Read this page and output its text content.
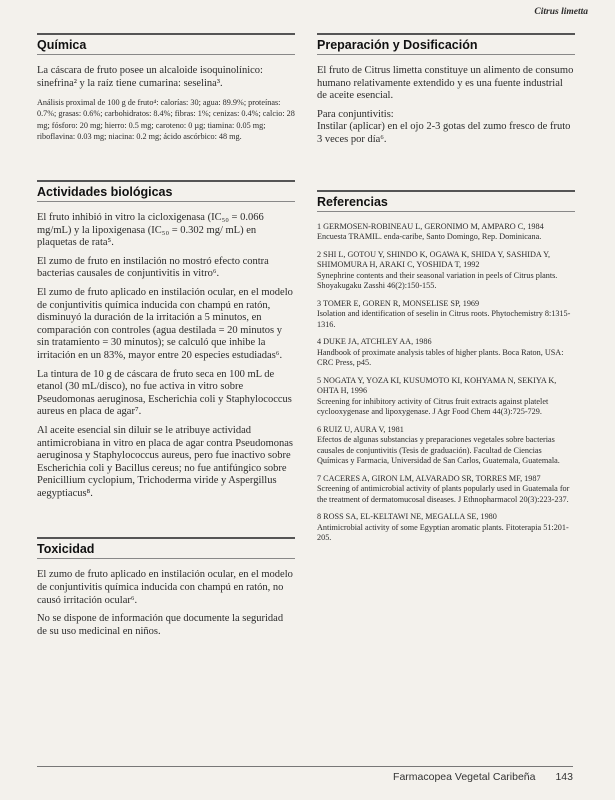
Citrus limetta
Química

La cáscara de fruto posee un alcaloide isoquinolínico: sinefrina² y la raíz tiene cumarina: seselina³.

Análisis proximal de 100 g de fruto⁴: calorías: 30; agua: 89.9%; proteínas: 0.7%; grasas: 0.6%; carbohidratos: 8.4%; fibras: 1%; cenizas: 0.4%; calcio: 28 mg; fósforo: 20 mg; hierro: 0.5 mg; caroteno: 0 µg; tiamina: 0.05 mg; riboflavina: 0.03 mg; niacina: 0.2 mg; ácido ascórbico: 48 mg.

Actividades biológicas

El fruto inhibió in vitro la cicloxigenasa (IC₅₀ = 0.066 mg/mL) y la lipoxigenasa (IC₅₀ = 0.302 mg/ mL) en plaquetas de rata⁵.

El zumo de fruto en instilación no mostró efecto contra bacterias causales de conjuntivitis in vitro⁶.

El zumo de fruto aplicado en instilación ocular, en el modelo de conjuntivitis química inducida con champú en ratón, disminuyó la duración de la irritación a 5 minutos, en comparación con controles (agua destilada = 20 minutos y sin tratamiento = 30 minutos); se calculó que inhibe la irritación en un 83%, mayor entre 20 especies estudiadas⁶.

La tintura de 10 g de cáscara de fruto seca en 100 mL de etanol (30 mL/disco), no fue activa in vitro sobre Pseudomonas aeruginosa, Escherichia coli y Staphylococcus aureus en placa de agar⁷.

Al aceite esencial sin diluir se le atribuye actividad antimicrobiana in vitro en placa de agar contra Pseudomonas aeruginosa y Staphylococcus aureus, pero fue inactivo sobre Escherichia coli y Bacillus cereus; no fue antifúngico sobre Penicillium cyclopium, Trichoderma viride y Aspergillus aegyptiacus⁸.

Toxicidad

El zumo de fruto aplicado en instilación ocular, en el modelo de conjuntivitis química inducida con champú en ratón, no causó irritación ocular⁶.

No se dispone de información que documente la seguridad de su uso medicinal en niños.

Preparación y Dosificación

El fruto de Citrus limetta constituye un alimento de consumo humano relativamente extendido y es una fuente industrial de aceite esencial.

Para conjuntivitis:

Instilar (aplicar) en el ojo 2-3 gotas del zumo fresco de fruto 3 veces por día⁶.

Referencias
1 GERMOSEN-ROBINEAU L, GERONIMO M, AMPARO C, 1984
Encuesta TRAMIL. enda-caribe, Santo Domingo, Rep. Dominicana.
2 SHI L, GOTOU Y, SHINDO K, OGAWA K, SHIDA Y, SASHIDA Y, SHIMOMURA H, ARAKI C, YOSHIDA T, 1992
Synephrine contents and their seasonal variation in peels of Citrus plants. Shoyakugaku Zasshi 46(2):150-155.
3 TOMER E, GOREN R, MONSELISE SP, 1969
Isolation and identification of seselin in Citrus roots. Phytochemistry 8:1315-1316.
4 DUKE JA, ATCHLEY AA, 1986
Handbook of proximate analysis tables of higher plants. Boca Raton, USA: CRC Press, p45.
5 NOGATA Y, YOZA KI, KUSUMOTO KI, KOHYAMA N, SEKIYA K, OHTA H, 1996
Screening for inhibitory activity of Citrus fruit extracts against platelet cyclooxygenase and lipoxygenase. J Agr Food Chem 44(3):725-729.
6 RUIZ U, AURA V, 1981
Efectos de algunas substancias y preparaciones vegetales sobre bacterias causales de conjuntivitis (Tesis de graduación). Facultad de Ciencias Químicas y Farmacia, Universidad de San Carlos, Guatemala, Guatemala.
7 CACERES A, GIRON LM, ALVARADO SR, TORRES MF, 1987
Screening of antimicrobial activity of plants popularly used in Guatemala for the treatment of dermatomucosal diseases. J Ethnopharmacol 20(3):223-237.
8 ROSS SA, EL-KELTAWI NE, MEGALLA SE, 1980
Antimicrobial activity of some Egyptian aromatic plants. Fitoterapia 51:201-205.
Farmacopea Vegetal Caribeña 143
